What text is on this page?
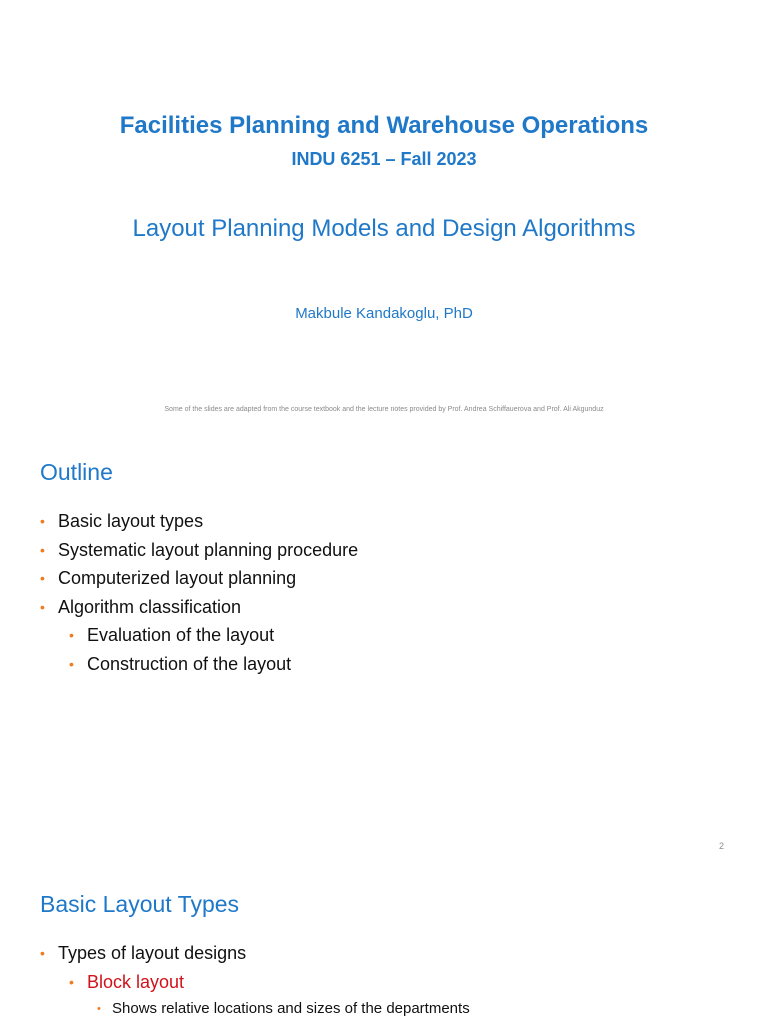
Facilities Planning and Warehouse Operations
INDU 6251 – Fall 2023
Layout Planning Models and Design Algorithms
Makbule Kandakoglu, PhD
Some of the slides are adapted from the course textbook and the lecture notes provided by Prof. Andrea Schiffauerova and Prof. Ali Akgunduz
Outline
• Basic layout types
• Systematic layout planning procedure
• Computerized layout planning
• Algorithm classification
• Evaluation of the layout
• Construction of the layout
2
Basic Layout Types
• Types of layout designs
• Block layout
• Shows relative locations and sizes of the departments
